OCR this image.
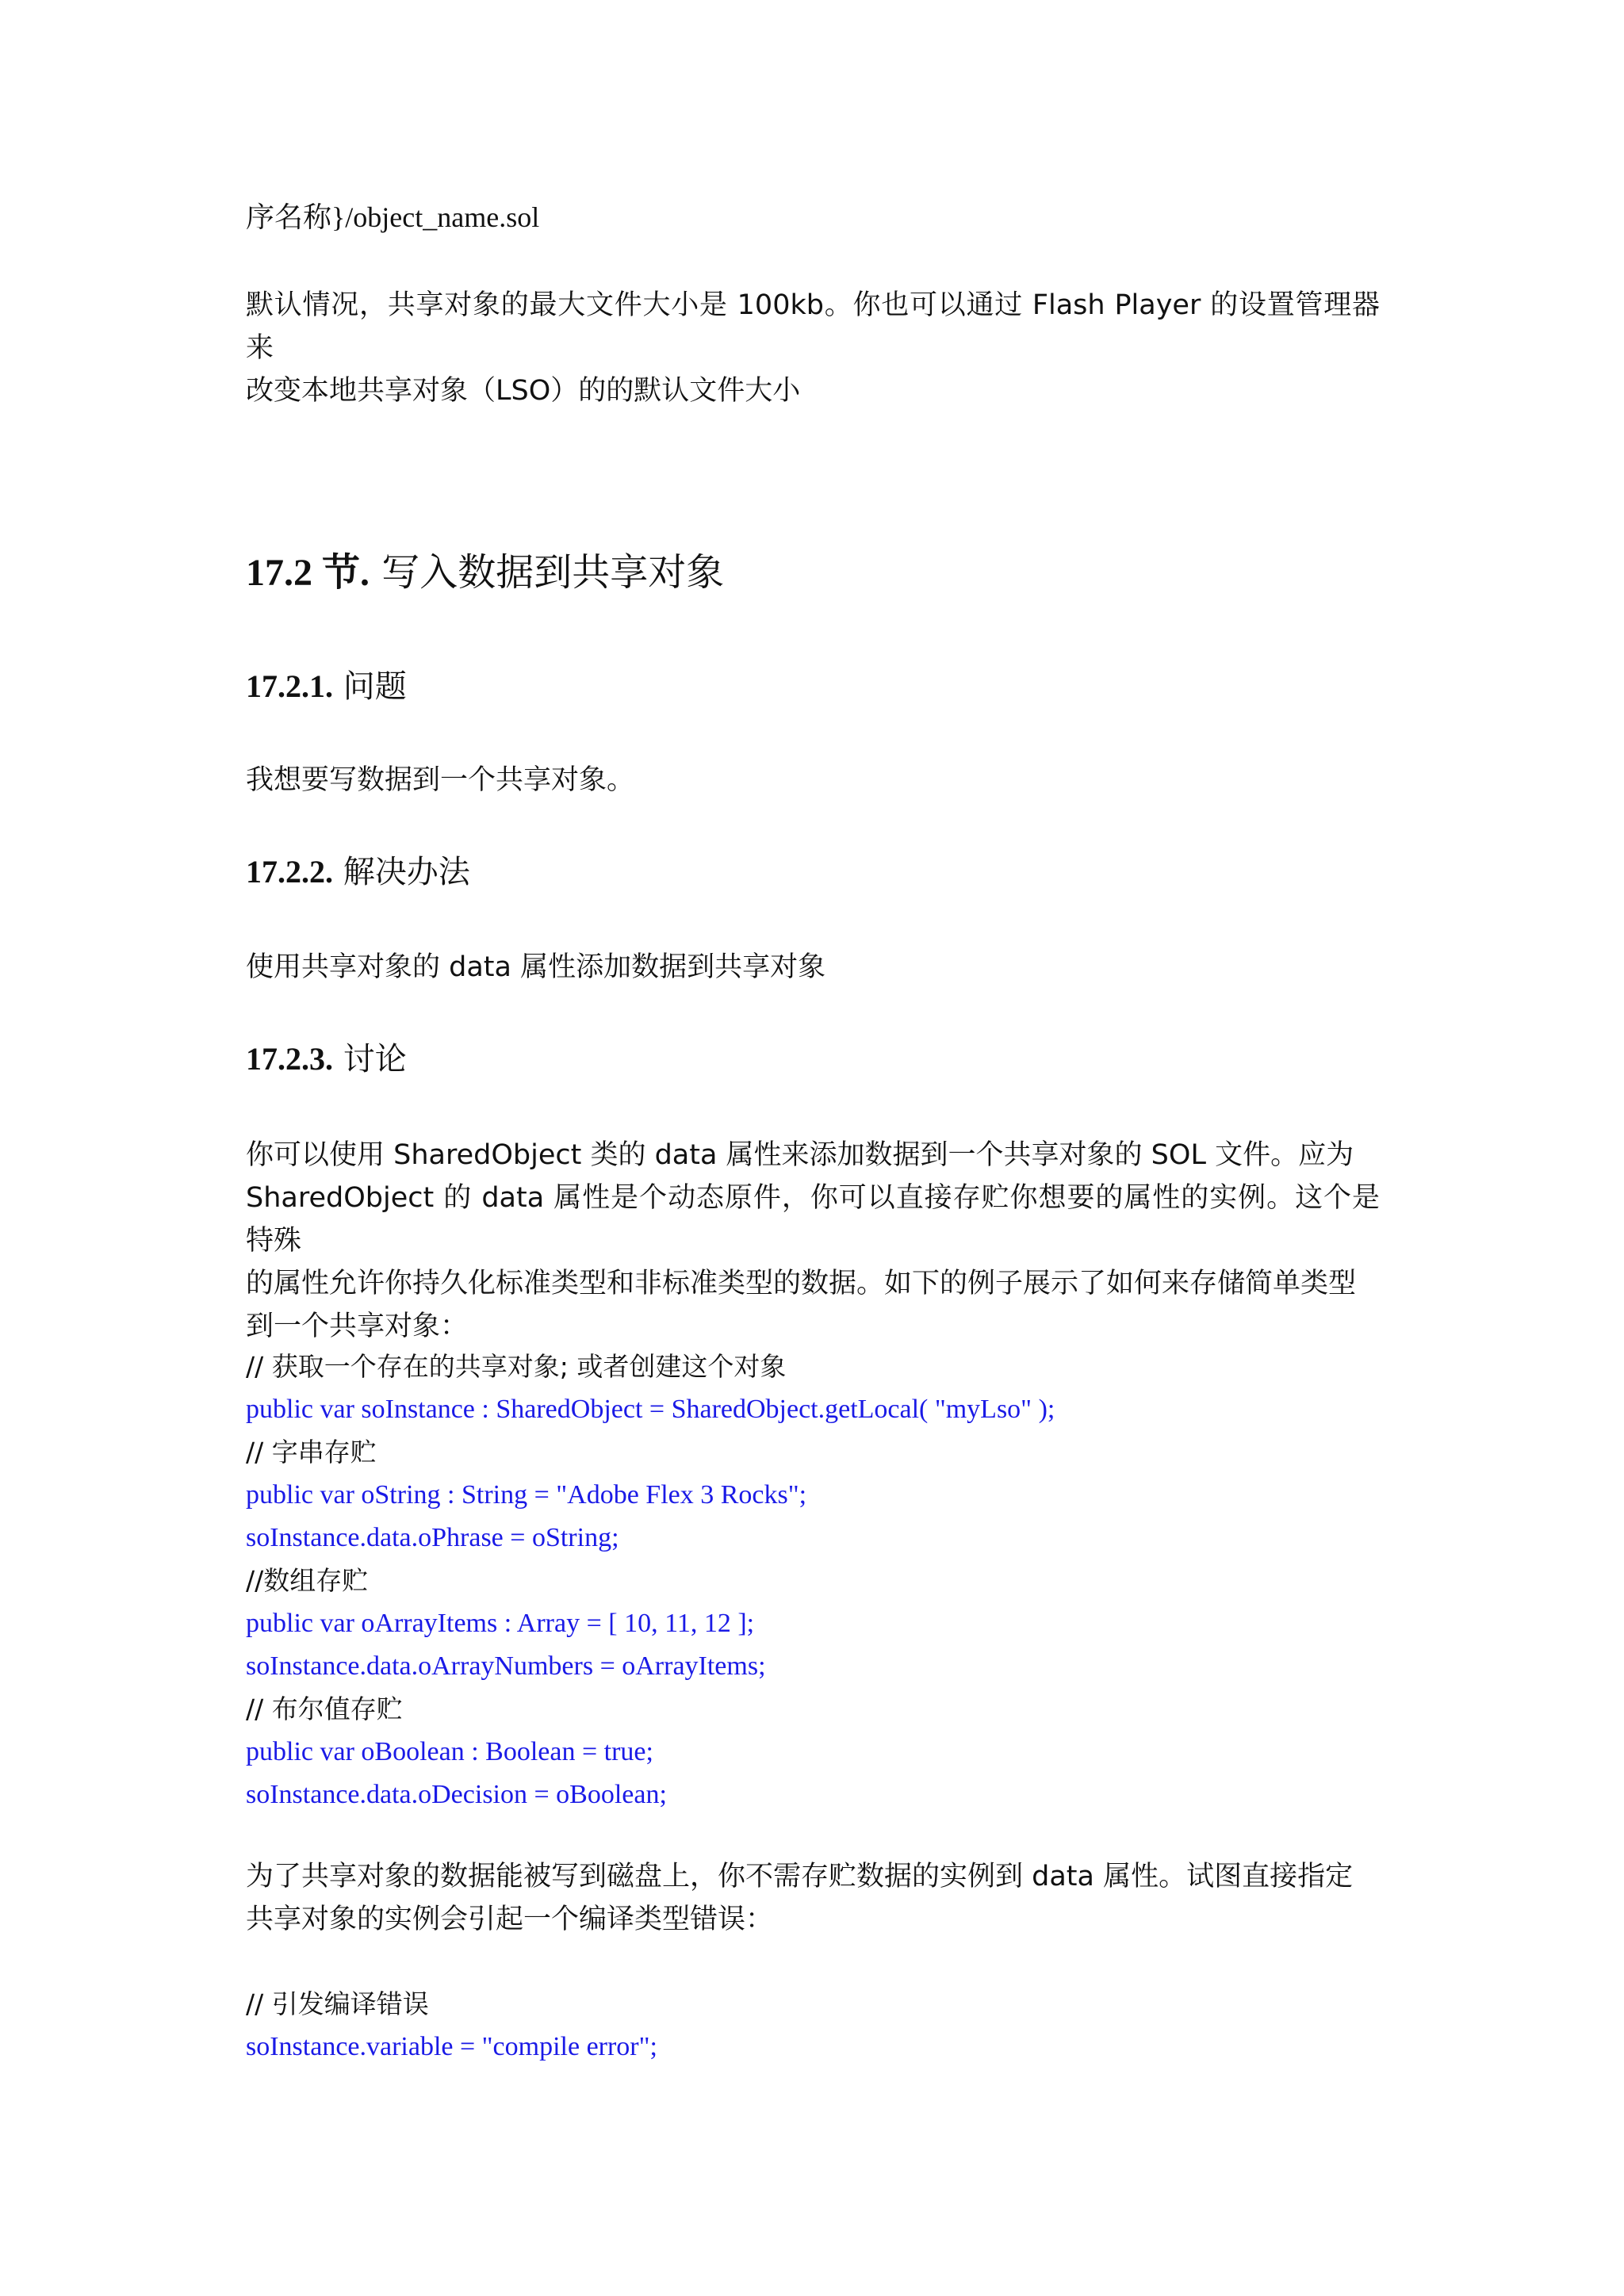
序名称}/object_name.sol
默认情况，共享对象的最大文件大小是 100kb。你也可以通过 Flash Player 的设置管理器来
改变本地共享对象（LSO）的的默认文件大小
17.2 节. 写入数据到共享对象
17.2.1. 问题
我想要写数据到一个共享对象。
17.2.2. 解决办法
使用共享对象的 data 属性添加数据到共享对象
17.2.3. 讨论
你可以使用 SharedObject 类的 data 属性来添加数据到一个共享对象的 SOL 文件。应为
SharedObject 的 data 属性是个动态原件，你可以直接存贮你想要的属性的实例。这个是特殊
的属性允许你持久化标准类型和非标准类型的数据。如下的例子展示了如何来存储简单类型
到一个共享对象：
// 获取一个存在的共享对象; 或者创建这个对象
public var soInstance : SharedObject = SharedObject.getLocal( "myLso" );
// 字串存贮
public var oString : String = "Adobe Flex 3 Rocks";
soInstance.data.oPhrase = oString;
//数组存贮
public var oArrayItems : Array = [ 10, 11, 12 ];
soInstance.data.oArrayNumbers = oArrayItems;
// 布尔值存贮
public var oBoolean : Boolean = true;
soInstance.data.oDecision = oBoolean;
为了共享对象的数据能被写到磁盘上，你不需存贮数据的实例到 data 属性。试图直接指定
共享对象的实例会引起一个编译类型错误：
// 引发编译错误
soInstance.variable = "compile error";
